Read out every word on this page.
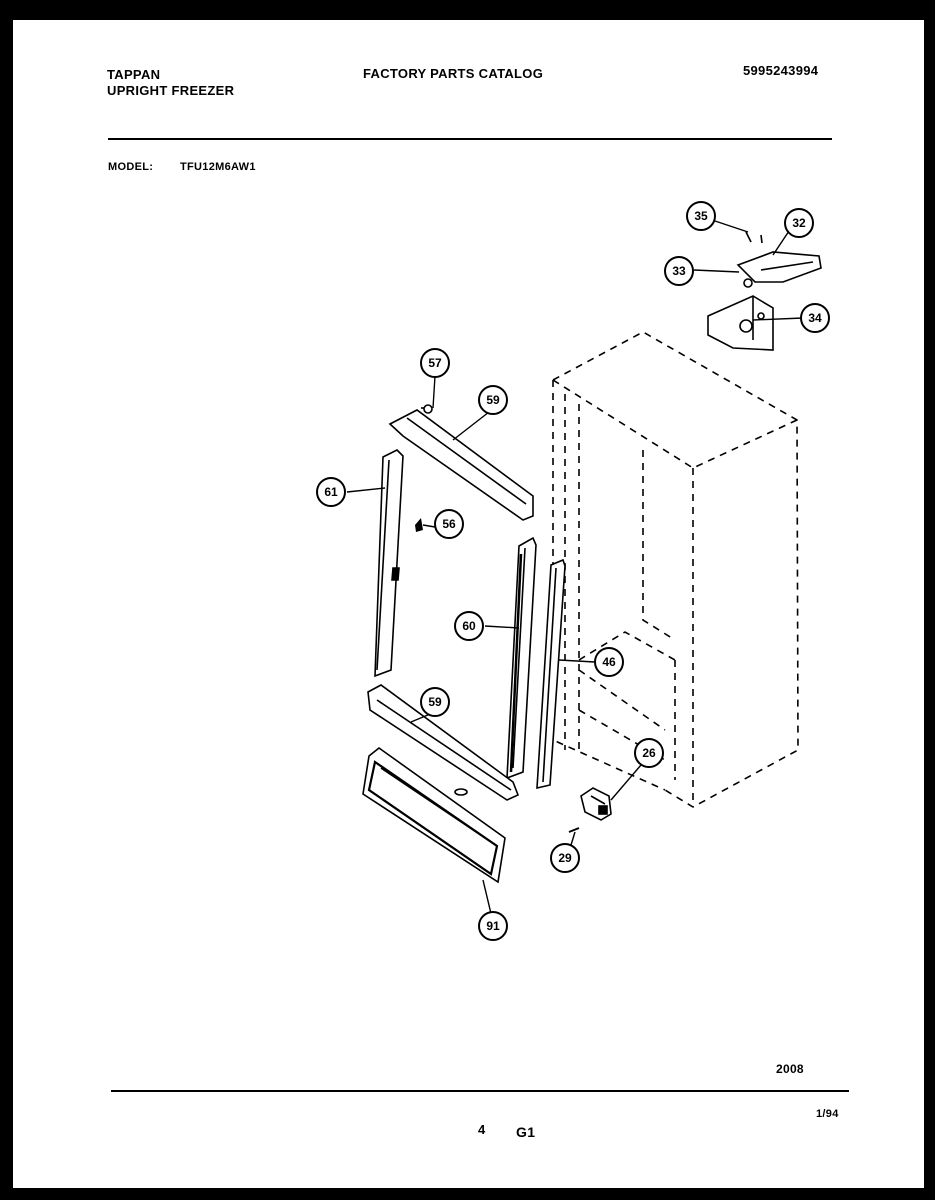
TAPPAN
UPRIGHT FREEZER
FACTORY PARTS CATALOG	5995243994
MODEL: TFU12M6AW1
35	32
33
34
57
59
61
56
60
46
59
26
29
91
2008
4 G1
1/94
